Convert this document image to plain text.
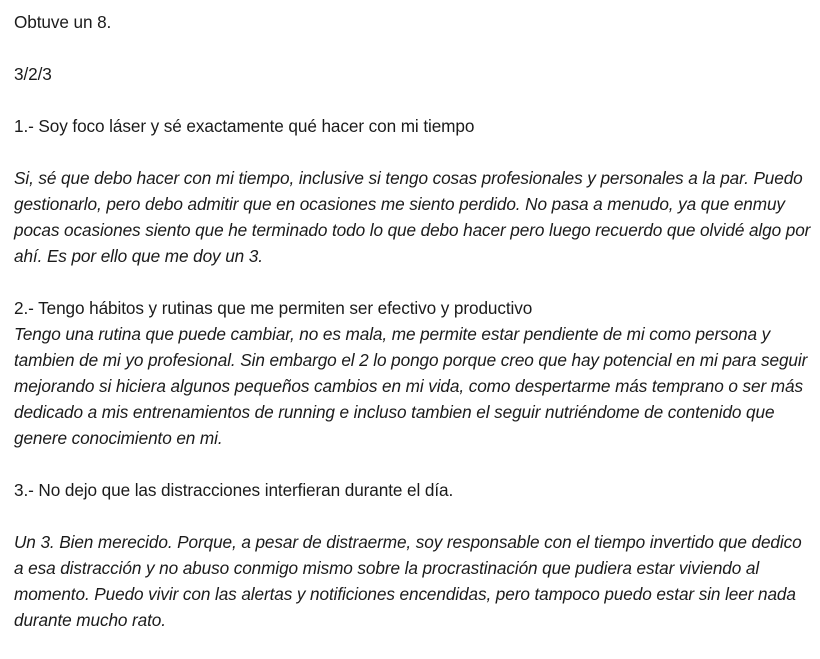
Obtuve un 8.

3/2/3

1.- Soy foco láser y sé exactamente qué hacer con mi tiempo

Si, sé que debo hacer con mi tiempo, inclusive si tengo cosas profesionales y personales a la par. Puedo gestionarlo, pero debo admitir que en ocasiones me siento perdido. No pasa a menudo, ya que enmuy pocas ocasiones siento que he terminado todo lo que debo hacer pero luego recuerdo que olvidé algo por ahí. Es por ello que me doy un 3.

2.- Tengo hábitos y rutinas que me permiten ser efectivo y productivo

Tengo una rutina que puede cambiar, no es mala, me permite estar pendiente de mi como persona y tambien de mi yo profesional. Sin embargo el 2 lo pongo porque creo que hay potencial en mi para seguir mejorando si hiciera algunos pequeños cambios en mi vida, como despertarme más temprano o ser más dedicado a mis entrenamientos de running e incluso tambien el seguir nutriéndome de contenido que genere conocimiento en mi.

3.- No dejo que las distracciones interfieran durante el día.

Un 3. Bien merecido. Porque, a pesar de distraerme, soy responsable con el tiempo invertido que dedico a esa distracción y no abuso conmigo mismo sobre la procrastinación que pudiera estar viviendo al momento. Puedo vivir con las alertas y notificiones encendidas, pero tampoco puedo estar sin leer nada durante mucho rato.
